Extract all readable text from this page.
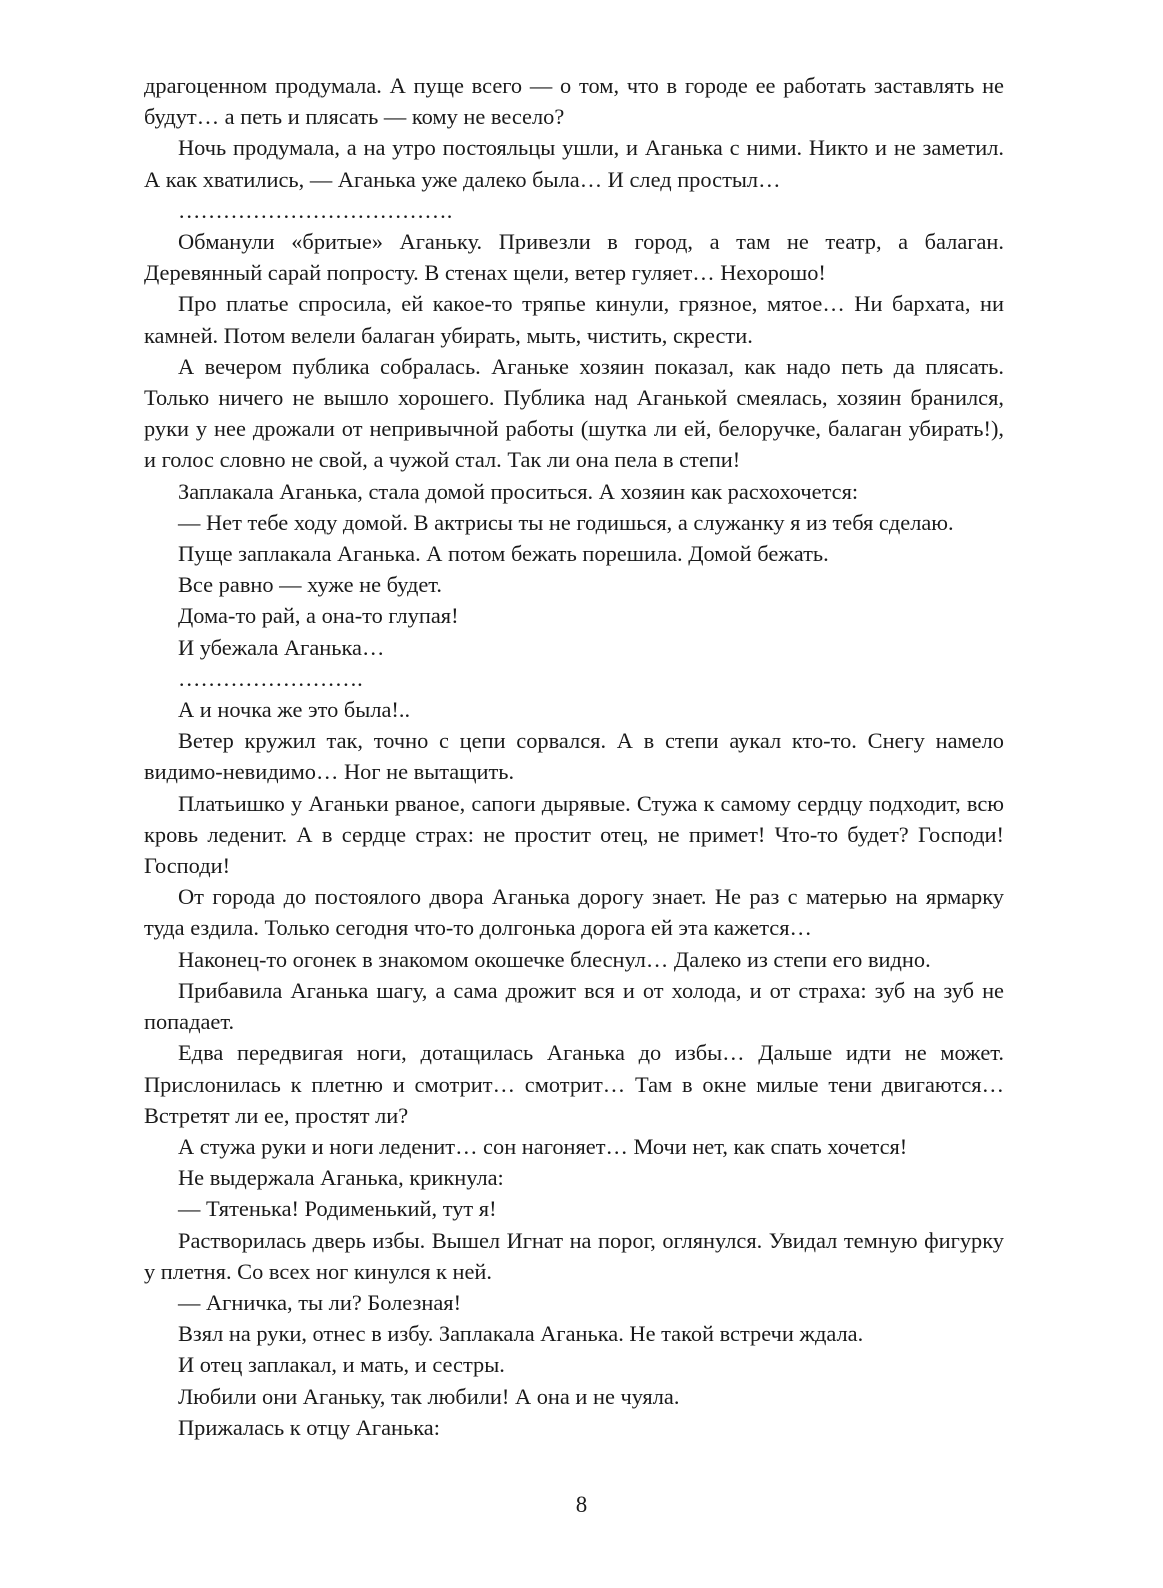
драгоценном продумала. А пуще всего — о том, что в городе ее работать заставлять не будут… а петь и плясать — кому не весело?

Ночь продумала, а на утро постояльцы ушли, и Аганька с ними. Никто и не заметил. А как хватились, — Аганька уже далеко была… И след простыл…

……………………………….

Обманули «бритые» Аганьку. Привезли в город, а там не театр, а балаган. Деревянный сарай попросту. В стенах щели, ветер гуляет… Нехорошо!

Про платье спросила, ей какое-то тряпье кинули, грязное, мятое… Ни бархата, ни камней. Потом велели балаган убирать, мыть, чистить, скрести.

А вечером публика собралась. Аганьке хозяин показал, как надо петь да плясать. Только ничего не вышло хорошего. Публика над Аганькой смеялась, хозяин бранился, руки у нее дрожали от непривычной работы (шутка ли ей, белоручке, балаган убирать!), и голос словно не свой, а чужой стал. Так ли она пела в степи!

Заплакала Аганька, стала домой проситься. А хозяин как расхохочется:

— Нет тебе ходу домой. В актрисы ты не годишься, а служанку я из тебя сделаю.

Пуще заплакала Аганька. А потом бежать порешила. Домой бежать.

Все равно — хуже не будет.

Дома-то рай, а она-то глупая!

И убежала Аганька…

…………………….

А и ночка же это была!..

Ветер кружил так, точно с цепи сорвался. А в степи аукал кто-то. Снегу намело видимо-невидимо… Ног не вытащить.

Платьишко у Аганьки рваное, сапоги дырявые. Стужа к самому сердцу подходит, всю кровь леденит. А в сердце страх: не простит отец, не примет! Что-то будет? Господи! Господи!

От города до постоялого двора Аганька дорогу знает. Не раз с матерью на ярмарку туда ездила. Только сегодня что-то долгонька дорога ей эта кажется…

Наконец-то огонек в знакомом окошечке блеснул… Далеко из степи его видно.

Прибавила Аганька шагу, а сама дрожит вся и от холода, и от страха: зуб на зуб не попадает.

Едва передвигая ноги, дотащилась Аганька до избы… Дальше идти не может. Прислонилась к плетню и смотрит… смотрит… Там в окне милые тени двигаются… Встретят ли ее, простят ли?

А стужа руки и ноги леденит… сон нагоняет… Мочи нет, как спать хочется!

Не выдержала Аганька, крикнула:

— Тятенька! Родименький, тут я!

Растворилась дверь избы. Вышел Игнат на порог, оглянулся. Увидал темную фигурку у плетня. Со всех ног кинулся к ней.

— Агничка, ты ли? Болезная!

Взял на руки, отнес в избу. Заплакала Аганька. Не такой встречи ждала.

И отец заплакал, и мать, и сестры.

Любили они Аганьку, так любили! А она и не чуяла.

Прижалась к отцу Аганька:

8
